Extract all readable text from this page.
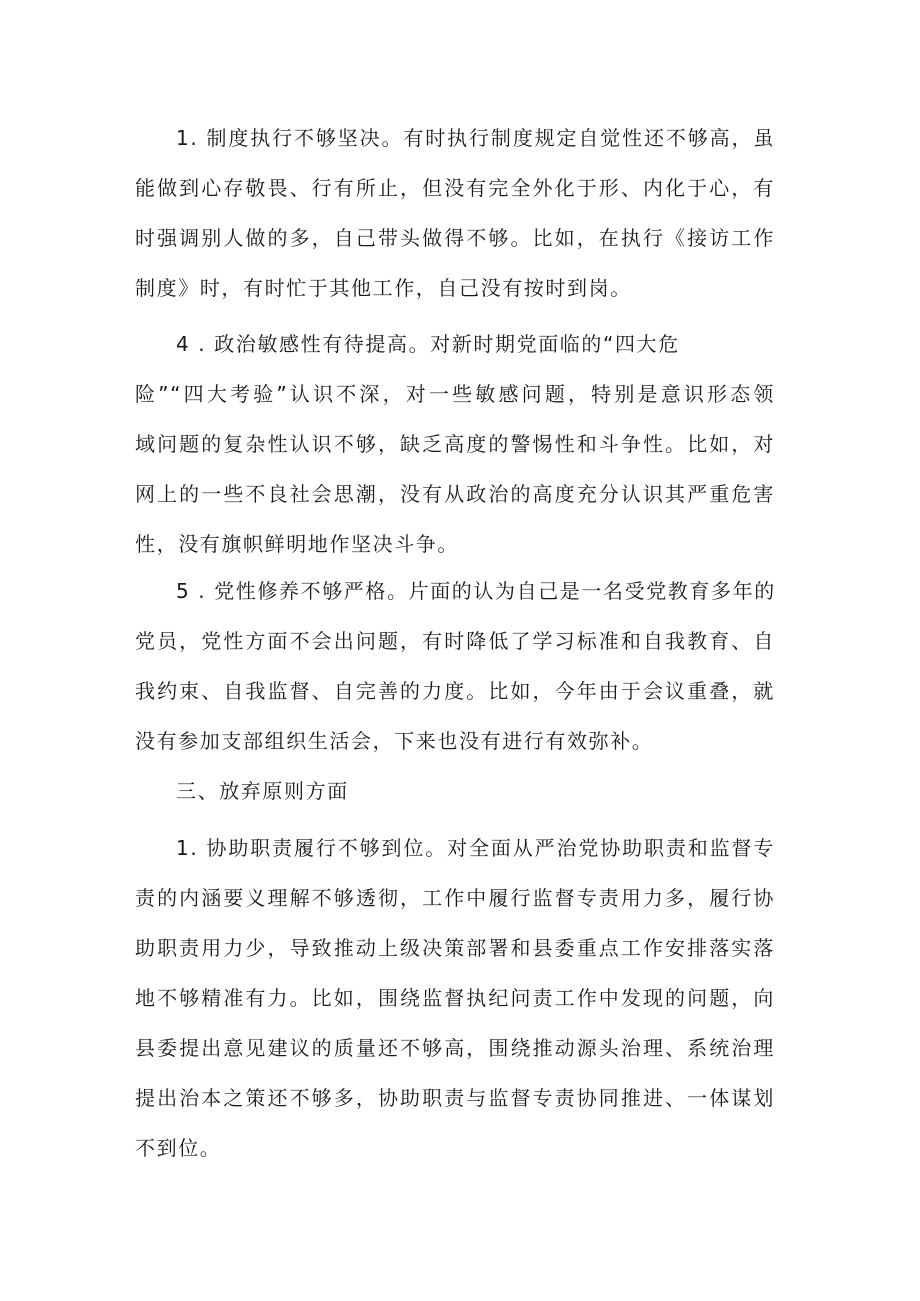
1. 制度执行不够坚决。有时执行制度规定自觉性还不够高，虽
能做到心存敬畏、行有所止，但没有完全外化于形、内化于心，有
时强调别人做的多，自己带头做得不够。比如，在执行《接访工作
制度》时，有时忙于其他工作，自己没有按时到岗。
4 . 政治敏感性有待提高。对新时期党面临的“四大危
险”“四大考验”认识不深，对一些敏感问题，特别是意识形态领
域问题的复杂性认识不够，缺乏高度的警惕性和斗争性。比如，对
网上的一些不良社会思潮，没有从政治的高度充分认识其严重危害
性，没有旗帜鲜明地作坚决斗争。
5 . 党性修养不够严格。片面的认为自己是一名受党教育多年的
党员，党性方面不会出问题，有时降低了学习标准和自我教育、自
我约束、自我监督、自完善的力度。比如，今年由于会议重叠，就
没有参加支部组织生活会，下来也没有进行有效弥补。
三、放弃原则方面
1. 协助职责履行不够到位。对全面从严治党协助职责和监督专
责的内涵要义理解不够透彻，工作中履行监督专责用力多，履行协
助职责用力少，导致推动上级决策部署和县委重点工作安排落实落
地不够精准有力。比如，围绕监督执纪问责工作中发现的问题，向
县委提出意见建议的质量还不够高，围绕推动源头治理、系统治理
提出治本之策还不够多，协助职责与监督专责协同推进、一体谋划
不到位。
